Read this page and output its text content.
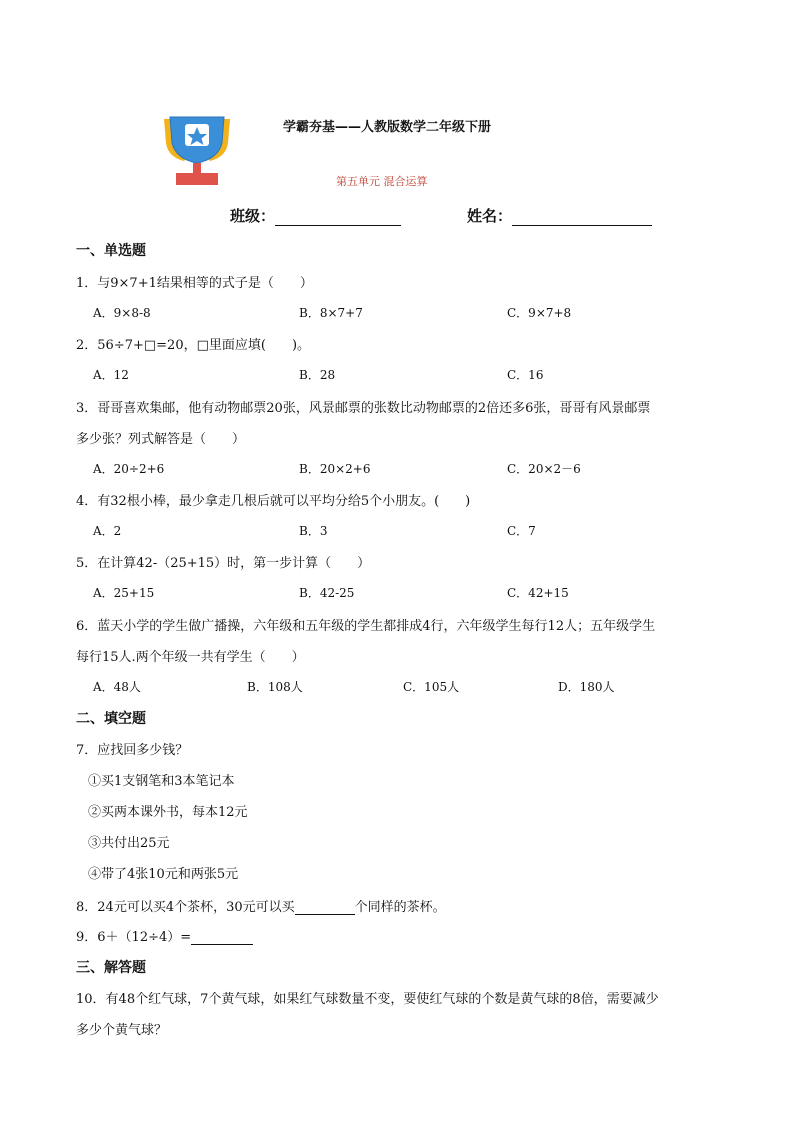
学霸夯基——人教版数学二年级下册
第五单元 混合运算
班级：	姓名：
一、单选题
1．与9×7+1结果相等的式子是（　　）
A．9×8-8	B．8×7+7	C．9×7+8
2．56÷7+□=20，□里面应填(　　)。
A．12	B．28	C．16
3．哥哥喜欢集邮，他有动物邮票20张，风景邮票的张数比动物邮票的2倍还多6张，哥哥有风景邮票
多少张？列式解答是（　　）
A．20÷2+6	B．20×2+6	C．20×2－6
4．有32根小棒，最少拿走几根后就可以平均分给5个小朋友。(　　)
A．2	B．3	C．7
5．在计算42-（25+15）时，第一步计算（　　）
A．25+15	B．42-25	C．42+15
6．蓝天小学的学生做广播操，六年级和五年级的学生都排成4行，六年级学生每行12人；五年级学生
每行15人.两个年级一共有学生（　　）
A．48人	B．108人	C．105人	D．180人
二、填空题
7．应找回多少钱？
①买1支钢笔和3本笔记本
②买两本课外书，每本12元
③共付出25元
④带了4张10元和两张5元
8．24元可以买4个茶杯，30元可以买	个同样的茶杯。
9．6＋（12÷4）=
三、解答题
10．有48个红气球，7个黄气球，如果红气球数量不变，要使红气球的个数是黄气球的8倍，需要减少
多少个黄气球？
